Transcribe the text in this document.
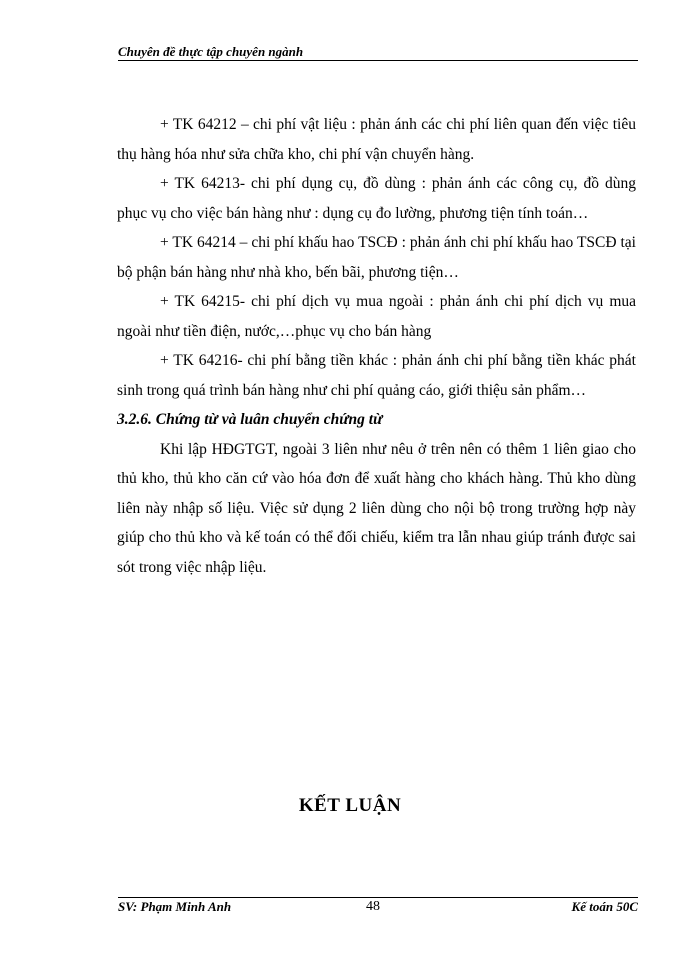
Chuyên đề thực tập chuyên ngành

+ TK 64212 – chi phí vật liệu : phản ánh các chi phí liên quan đến việc tiêu thụ hàng hóa như sửa chữa kho, chi phí vận chuyển hàng.

+ TK 64213- chi phí dụng cụ, đồ dùng : phản ánh các công cụ, đồ dùng phục vụ cho việc bán hàng như : dụng cụ đo lường, phương tiện tính toán…

+ TK 64214 – chi phí khấu hao TSCĐ : phản ánh chi phí khấu hao TSCĐ tại bộ phận bán hàng như nhà kho, bến bãi, phương tiện…

+ TK 64215- chi phí dịch vụ mua ngoài : phản ánh chi phí dịch vụ mua ngoài như tiền điện, nước,…phục vụ cho bán hàng

+ TK 64216- chi phí bằng tiền khác : phản ánh chi phí bằng tiền khác phát sinh trong quá trình bán hàng như chi phí quảng cáo, giới thiệu sản phẩm…

3.2.6. Chứng từ và luân chuyển chứng từ

Khi lập HĐGTGT, ngoài 3 liên như nêu ở trên nên có thêm 1 liên giao cho thủ kho, thủ kho căn cứ vào hóa đơn để xuất hàng cho khách hàng. Thủ kho dùng liên này nhập số liệu. Việc sử dụng 2 liên dùng cho nội bộ trong trường hợp này giúp cho thủ kho và kế toán có thể đối chiếu, kiểm tra lẫn nhau giúp tránh được sai sót trong việc nhập liệu.

KẾT LUẬN
SV: Phạm Minh Anh	48	Kế toán 50C
